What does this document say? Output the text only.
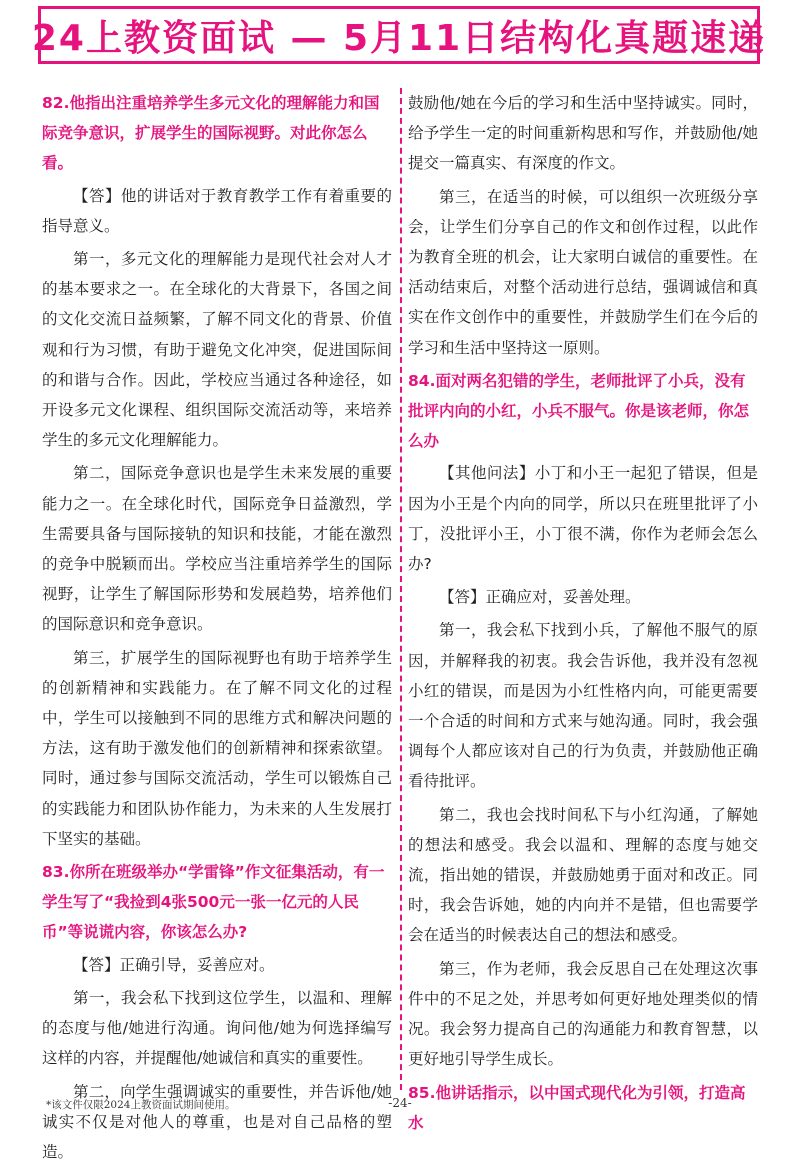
24上教资面试 — 5月11日结构化真题速递
82.他指出注重培养学生多元文化的理解能力和国际竞争意识，扩展学生的国际视野。对此你怎么看。
【答】他的讲话对于教育教学工作有着重要的指导意义。
第一，多元文化的理解能力是现代社会对人才的基本要求之一。在全球化的大背景下，各国之间的文化交流日益频繁，了解不同文化的背景、价值观和行为习惯，有助于避免文化冲突，促进国际间的和谐与合作。因此，学校应当通过各种途径，如开设多元文化课程、组织国际交流活动等，来培养学生的多元文化理解能力。
第二，国际竞争意识也是学生未来发展的重要能力之一。在全球化时代，国际竞争日益激烈，学生需要具备与国际接轨的知识和技能，才能在激烈的竞争中脱颖而出。学校应当注重培养学生的国际视野，让学生了解国际形势和发展趋势，培养他们的国际意识和竞争意识。
第三，扩展学生的国际视野也有助于培养学生的创新精神和实践能力。在了解不同文化的过程中，学生可以接触到不同的思维方式和解决问题的方法，这有助于激发他们的创新精神和探索欲望。同时，通过参与国际交流活动，学生可以锻炼自己的实践能力和团队协作能力，为未来的人生发展打下坚实的基础。
83.你所在班级举办“学雷锋”作文征集活动，有一学生写了“我捡到4张500元一张一亿元的人民币”等说谎内容，你该怎么办?
【答】正确引导，妥善应对。
第一，我会私下找到这位学生，以温和、理解的态度与他/她进行沟通。询问他/她为何选择编写这样的内容，并提醒他/她诚信和真实的重要性。
第二，向学生强调诚实的重要性，并告诉他/她诚实不仅是对他人的尊重，也是对自己品格的塑造。
鼓励他/她在今后的学习和生活中坚持诚实。同时，给予学生一定的时间重新构思和写作，并鼓励他/她提交一篇真实、有深度的作文。
第三，在适当的时候，可以组织一次班级分享会，让学生们分享自己的作文和创作过程，以此作为教育全班的机会，让大家明白诚信的重要性。在活动结束后，对整个活动进行总结，强调诚信和真实在作文创作中的重要性，并鼓励学生们在今后的学习和生活中坚持这一原则。
84.面对两名犯错的学生，老师批评了小兵，没有批评内向的小红，小兵不服气。你是该老师，你怎么办
【其他问法】小丁和小王一起犯了错误，但是因为小王是个内向的同学，所以只在班里批评了小丁，没批评小王，小丁很不满，你作为老师会怎么办?
【答】正确应对，妥善处理。
第一，我会私下找到小兵，了解他不服气的原因，并解释我的初衷。我会告诉他，我并没有忽视小红的错误，而是因为小红性格内向，可能更需要一个合适的时间和方式来与她沟通。同时，我会强调每个人都应该对自己的行为负责，并鼓励他正确看待批评。
第二，我也会找时间私下与小红沟通，了解她的想法和感受。我会以温和、理解的态度与她交流，指出她的错误，并鼓励她勇于面对和改正。同时，我会告诉她，她的内向并不是错，但也需要学会在适当的时候表达自己的想法和感受。
第三，作为老师，我会反思自己在处理这次事件中的不足之处，并思考如何更好地处理类似的情况。我会努力提高自己的沟通能力和教育智慧，以更好地引导学生成长。
85.他讲话指示，以中国式现代化为引领，打造高水
*该文件仅限2024上教资面试期间使用。	-24-
